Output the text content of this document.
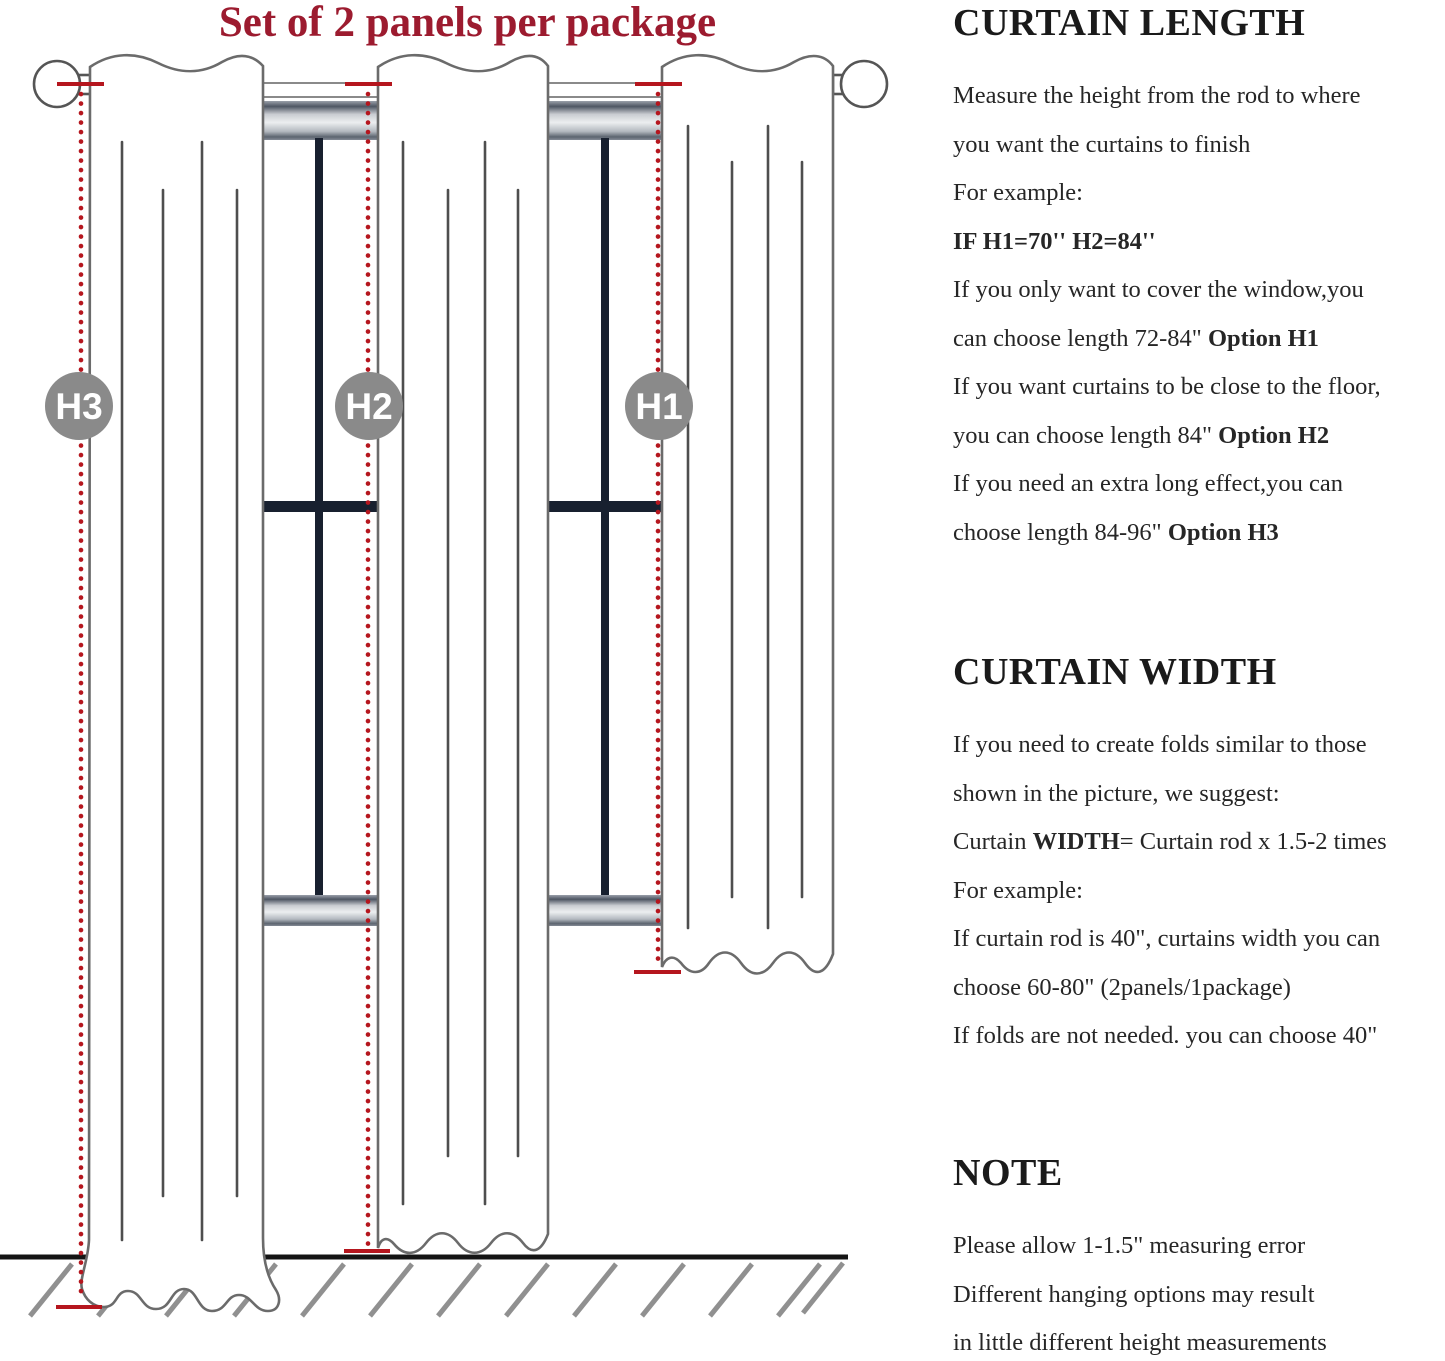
H3	H2	H1
Set of 2 panels per package	CURTAIN LENGTH
Measure the height from the rod to where
you want the curtains to finish
For example:
IF H1=70'' H2=84''
If you only want to cover the window,you
can choose length 72-84" Option H1
If you want curtains to be close to the floor,
you can choose length 84" Option H2
If you need an extra long effect,you can
choose length 84-96" Option H3
CURTAIN WIDTH
If you need to create folds similar to those
shown in the picture, we suggest:
Curtain WIDTH= Curtain rod x 1.5-2 times
For example:
If curtain rod is 40", curtains width you can
choose 60-80" (2panels/1package)
If folds are not needed. you can choose 40"
NOTE
Please allow 1-1.5" measuring error
Different hanging options may result
in little different height measurements
